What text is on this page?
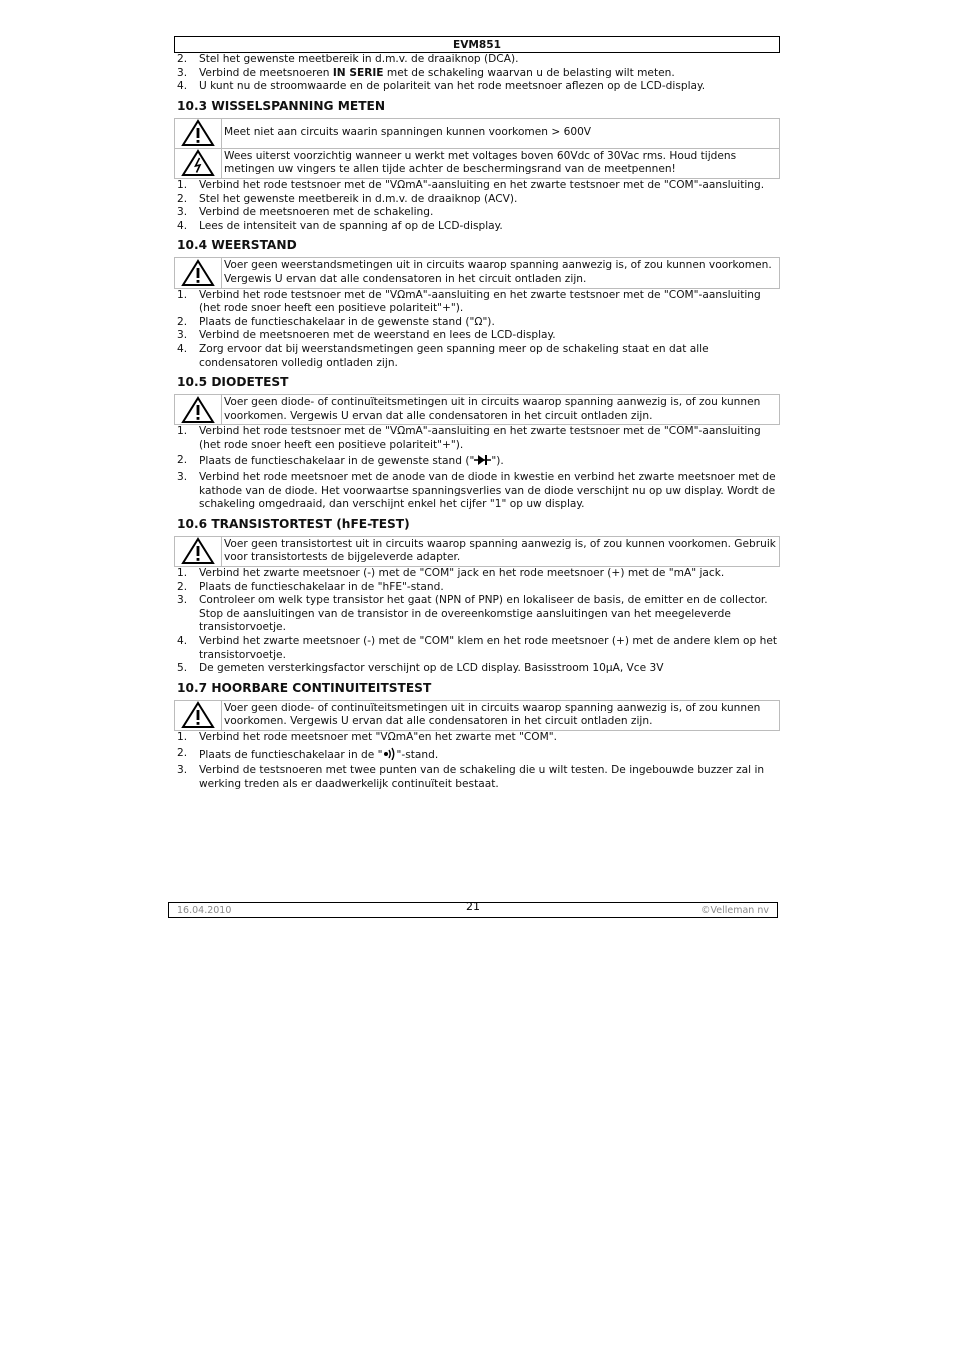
EVM851
2.	Stel het gewenste meetbereik in d.m.v. de draaiknop (DCA).
3.	Verbind de meetsnoeren IN SERIE met de schakeling waarvan u de belasting wilt meten.
4.	U kunt nu de stroomwaarde en de polariteit van het rode meetsnoer aflezen op de LCD-display.
10.3 WISSELSPANNING METEN
	Meet niet aan circuits waarin spanningen kunnen voorkomen > 600V

	Wees uiterst voorzichtig wanneer u werkt met voltages boven 60Vdc of 30Vac rms. Houd tijdens metingen uw vingers te allen tijde achter de beschermingsrand van de meetpennen!
1.	Verbind het rode testsnoer met de "VΩmA"-aansluiting en het zwarte testsnoer met de "COM"-aansluiting.
2.	Stel het gewenste meetbereik in d.m.v. de draaiknop (ACV).
3.	Verbind de meetsnoeren met de schakeling.
4.	Lees de intensiteit van de spanning af op de LCD-display.
10.4 WEERSTAND
	Voer geen weerstandsmetingen uit in circuits waarop spanning aanwezig is, of zou kunnen voorkomen. Vergewis U ervan dat alle condensatoren in het circuit ontladen zijn.
1.	Verbind het rode testsnoer met de "VΩmA"-aansluiting en het zwarte testsnoer met de "COM"-aansluiting (het rode snoer heeft een positieve polariteit"+").
2.	Plaats de functieschakelaar in de gewenste stand ("Ω").
3.	Verbind de meetsnoeren met de weerstand en lees de LCD-display.
4.	Zorg ervoor dat bij weerstandsmetingen geen spanning meer op de schakeling staat en dat alle condensatoren volledig ontladen zijn.
10.5 DIODETEST
	Voer geen diode- of continuïteitsmetingen uit in circuits waarop spanning aanwezig is, of zou kunnen voorkomen. Vergewis U ervan dat alle condensatoren in het circuit ontladen zijn.
1.	Verbind het rode testsnoer met de "VΩmA"-aansluiting en het zwarte testsnoer met de "COM"-aansluiting (het rode snoer heeft een positieve polariteit"+").
2.	Plaats de functieschakelaar in de gewenste stand (" ").
3.	Verbind het rode meetsnoer met de anode van de diode in kwestie en verbind het zwarte meetsnoer met de kathode van de diode. Het voorwaartse spanningsverlies van de diode verschijnt nu op uw display. Wordt de schakeling omgedraaid, dan verschijnt enkel het cijfer "1" op uw display.
10.6 TRANSISTORTEST (hFE-TEST)
	Voer geen transistortest uit in circuits waarop spanning aanwezig is, of zou kunnen voorkomen. Gebruik voor transistortests de bijgeleverde adapter.
1.	Verbind het zwarte meetsnoer (-) met de "COM" jack en het rode meetsnoer (+) met de "mA" jack.
2.	Plaats de functieschakelaar in de "hFE"-stand.
3.	Controleer om welk type transistor het gaat (NPN of PNP) en lokaliseer de basis, de emitter en de collector. Stop de aansluitingen van de transistor in de overeenkomstige aansluitingen van het meegeleverde transistorvoetje.
4.	Verbind het zwarte meetsnoer (-) met de "COM" klem en het rode meetsnoer (+) met de andere klem op het transistorvoetje.
5.	De gemeten versterkingsfactor verschijnt op de LCD display. Basisstroom 10µA, Vce 3V
10.7 HOORBARE CONTINUITEITSTEST
	Voer geen diode- of continuïteitsmetingen uit in circuits waarop spanning aanwezig is, of zou kunnen voorkomen. Vergewis U ervan dat alle condensatoren in het circuit ontladen zijn.
1.	Verbind het rode meetsnoer met "VΩmA"en het zwarte met "COM".
2.	Plaats de functieschakelaar in de " "-stand.
3.	Verbind de testsnoeren met twee punten van de schakeling die u wilt testen. De ingebouwde buzzer zal in werking treden als er daadwerkelijk continuïteit bestaat.
16.04.2010	21	©Velleman nv
